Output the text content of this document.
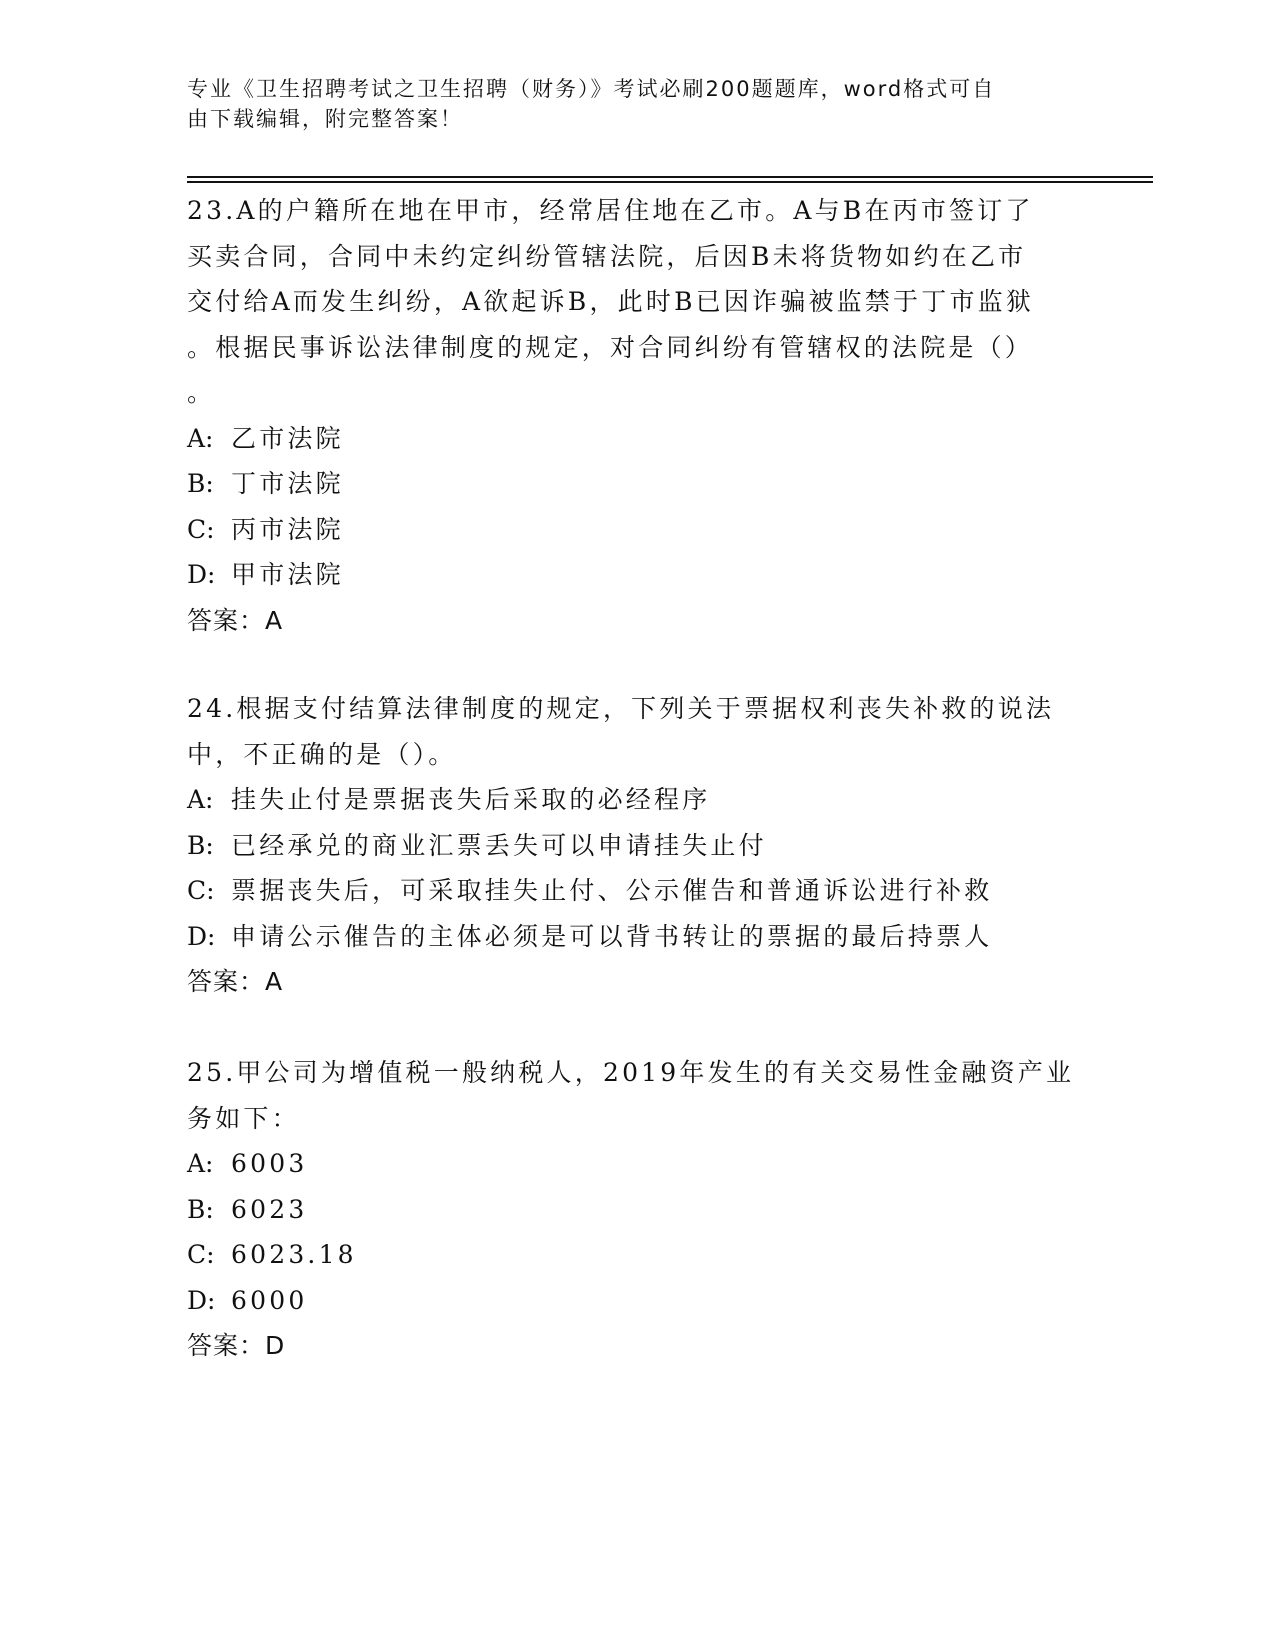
专业《卫生招聘考试之卫生招聘（财务）》考试必刷200题题库，word格式可自
由下载编辑，附完整答案！
23.A的户籍所在地在甲市，经常居住地在乙市。A与B在丙市签订了
买卖合同，合同中未约定纠纷管辖法院，后因B未将货物如约在乙市
交付给A而发生纠纷，A欲起诉B，此时B已因诈骗被监禁于丁市监狱
。根据民事诉讼法律制度的规定，对合同纠纷有管辖权的法院是（）
。
A: 乙市法院
B: 丁市法院
C: 丙市法院
D: 甲市法院
答案：A
24.根据支付结算法律制度的规定，下列关于票据权利丧失补救的说法
中，不正确的是（）。
A: 挂失止付是票据丧失后采取的必经程序
B: 已经承兑的商业汇票丢失可以申请挂失止付
C: 票据丧失后，可采取挂失止付、公示催告和普通诉讼进行补救
D: 申请公示催告的主体必须是可以背书转让的票据的最后持票人
答案：A
25.甲公司为增值税一般纳税人，2019年发生的有关交易性金融资产业
务如下：
A: 6003
B: 6023
C: 6023.18
D: 6000
答案：D
